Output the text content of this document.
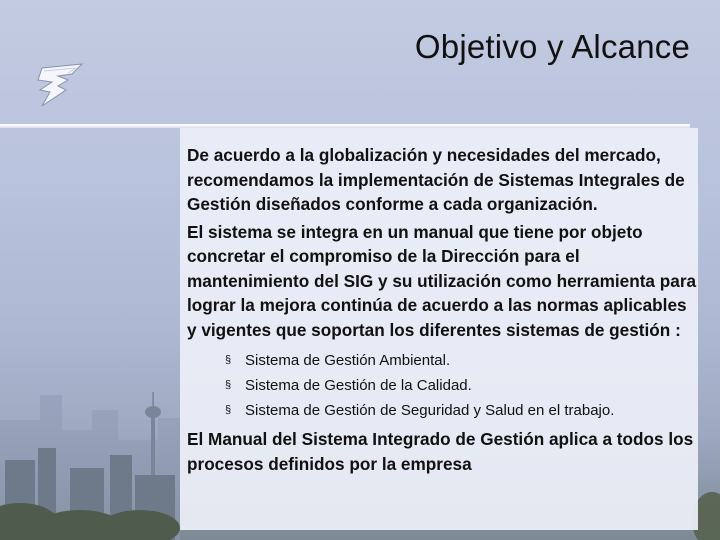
Objetivo y Alcance

De acuerdo a la globalización y necesidades del mercado, recomendamos la implementación de Sistemas Integrales de Gestión diseñados conforme a cada organización.

El sistema se integra en un manual que tiene por objeto concretar el compromiso de la Dirección para el mantenimiento del SIG y su utilización como herramienta para lograr la mejora continúa de acuerdo a las normas aplicables y vigentes que soportan los diferentes sistemas de gestión :

§ Sistema de Gestión Ambiental.
§ Sistema de Gestión de la Calidad.
§ Sistema de Gestión de Seguridad y Salud en el trabajo.

El Manual del Sistema Integrado de Gestión aplica a todos los procesos definidos por la empresa
